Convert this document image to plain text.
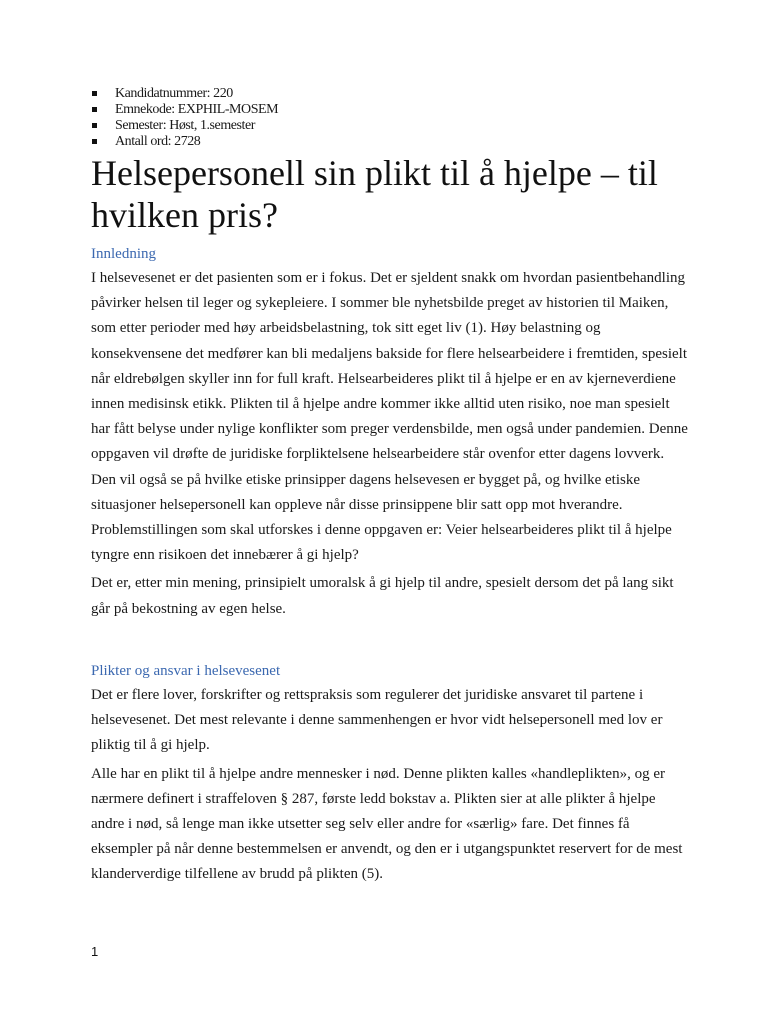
Kandidatnummer: 220
Emnekode: EXPHIL-MOSEM
Semester: Høst, 1.semester
Antall ord: 2728
Helsepersonell sin plikt til å hjelpe – til hvilken pris?
Innledning

I helsevesenet er det pasienten som er i fokus. Det er sjeldent snakk om hvordan pasientbehandling påvirker helsen til leger og sykepleiere. I sommer ble nyhetsbilde preget av historien til Maiken, som etter perioder med høy arbeidsbelastning, tok sitt eget liv (1). Høy belastning og konsekvensene det medfører kan bli medaljens bakside for flere helsearbeidere i fremtiden, spesielt når eldrebølgen skyller inn for full kraft. Helsearbeideres plikt til å hjelpe er en av kjerneverdiene innen medisinsk etikk. Plikten til å hjelpe andre kommer ikke alltid uten risiko, noe man spesielt har fått belyse under nylige konflikter som preger verdensbilde, men også under pandemien. Denne oppgaven vil drøfte de juridiske forpliktelsene helsearbeidere står ovenfor etter dagens lovverk. Den vil også se på hvilke etiske prinsipper dagens helsevesen er bygget på, og hvilke etiske situasjoner helsepersonell kan oppleve når disse prinsippene blir satt opp mot hverandre. Problemstillingen som skal utforskes i denne oppgaven er: Veier helsearbeideres plikt til å hjelpe tyngre enn risikoen det innebærer å gi hjelp?

Det er, etter min mening, prinsipielt umoralsk å gi hjelp til andre, spesielt dersom det på lang sikt går på bekostning av egen helse.

Plikter og ansvar i helsevesenet

Det er flere lover, forskrifter og rettspraksis som regulerer det juridiske ansvaret til partene i helsevesenet. Det mest relevante i denne sammenhengen er hvor vidt helsepersonell med lov er pliktig til å gi hjelp.

Alle har en plikt til å hjelpe andre mennesker i nød. Denne plikten kalles «handleplikten», og er nærmere definert i straffeloven § 287, første ledd bokstav a. Plikten sier at alle plikter å hjelpe andre i nød, så lenge man ikke utsetter seg selv eller andre for «særlig» fare. Det finnes få eksempler på når denne bestemmelsen er anvendt, og den er i utgangspunktet reservert for de mest klanderverdige tilfellene av brudd på plikten (5).

1
